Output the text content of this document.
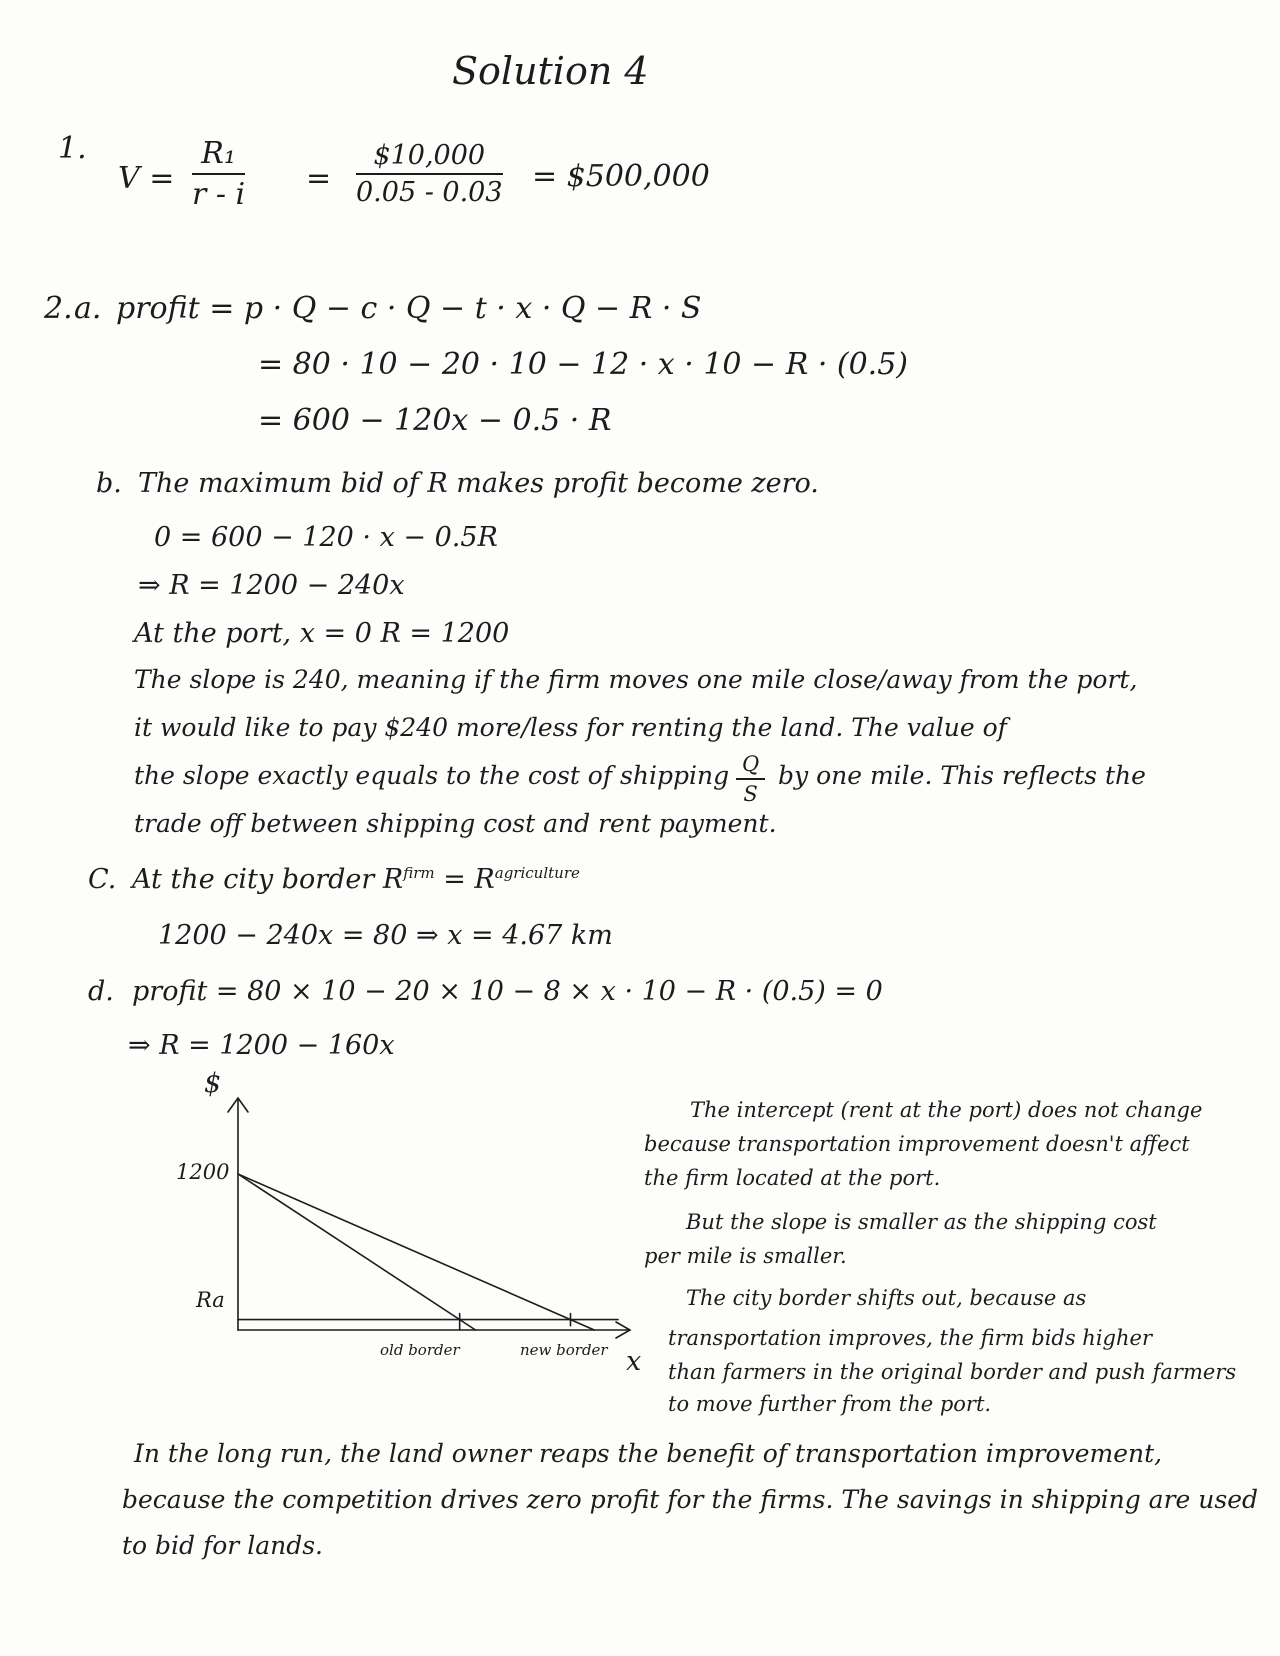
Solution 4
1.
$V = \frac{\text{R₁}}{r - i} = \frac{\$10,000}{0.05 - 0.03}$ = $500,000
2. a. profit = p · Q − c · Q − t · x · Q − R · S
= 80 · 10 − 20 · 10 − 12 · x · 10 − R · (0.5)
= 600 − 120x − 0.5 · R
b. The maximum bid of R makes profit become zero.
0 = 600 − 120 · x − 0.5R
⇒ R = 1200 − 240x
At the port, x = 0 R = 1200
The slope is 240, meaning if the firm moves one mile close/away from the port,
it would like to pay $240 more/less for renting the land. The value of
the slope exactly equals to the cost of shipping $\frac{Q}{S}$ by one mile. This reflects the
trade off between shipping cost and rent payment.
C. At the city border $R^{firm} = R^{agriculture}$
1200 − 240x = 80 ⇒ x = 4.67 km
d. profit = 80 × 10 − 20 × 10 − 8 × x · 10 − R · (0.5) = 0
⇒ R = 1200 − 160x
$
1200
Ra
old border	new border x
The intercept (rent at the port) does not change
because transportation improvement doesn't affect
the firm located at the port.
But the slope is smaller as the shipping cost
per mile is smaller.
The city border shifts out, because as
transportation improves, the firm bids higher
than farmers in the original border and push farmers
to move further from the port.
In the long run, the land owner reaps the benefit of transportation improvement,
because the competition drives zero profit for the firms. The savings in shipping are used
to bid for lands.
